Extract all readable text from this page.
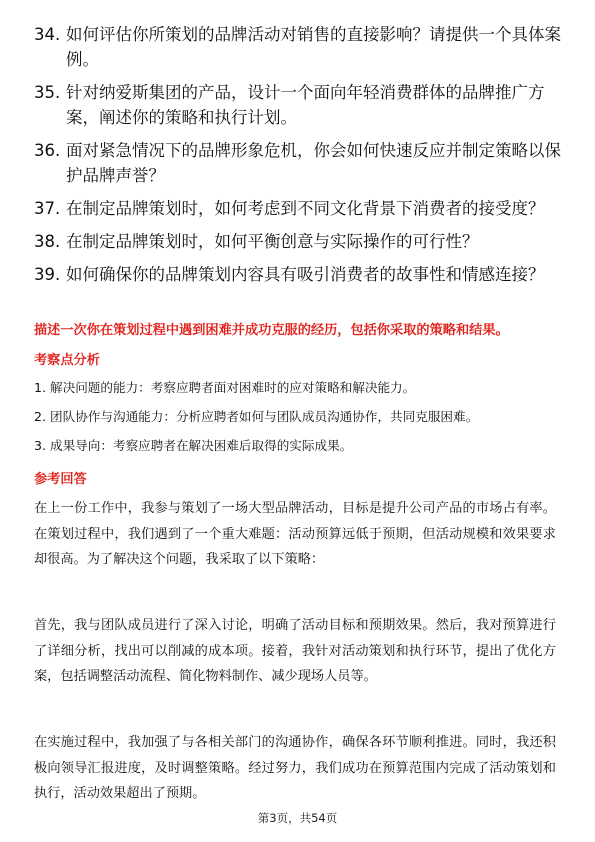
34. 如何评估你所策划的品牌活动对销售的直接影响？请提供一个具体案例。
35. 针对纳爱斯集团的产品，设计一个面向年轻消费群体的品牌推广方案，阐述你的策略和执行计划。
36. 面对紧急情况下的品牌形象危机，你会如何快速反应并制定策略以保护品牌声誉？
37. 在制定品牌策划时，如何考虑到不同文化背景下消费者的接受度？
38. 在制定品牌策划时，如何平衡创意与实际操作的可行性？
39. 如何确保你的品牌策划内容具有吸引消费者的故事性和情感连接？

描述一次你在策划过程中遇到困难并成功克服的经历，包括你采取的策略和结果。

考察点分析
1. 解决问题的能力：考察应聘者面对困难时的应对策略和解决能力。
2. 团队协作与沟通能力：分析应聘者如何与团队成员沟通协作，共同克服困难。
3. 成果导向：考察应聘者在解决困难后取得的实际成果。
参考回答

在上一份工作中，我参与策划了一场大型品牌活动，目标是提升公司产品的市场占有率。在策划过程中，我们遇到了一个重大难题：活动预算远低于预期，但活动规模和效果要求却很高。为了解决这个问题，我采取了以下策略：

首先，我与团队成员进行了深入讨论，明确了活动目标和预期效果。然后，我对预算进行了详细分析，找出可以削减的成本项。接着，我针对活动策划和执行环节，提出了优化方案，包括调整活动流程、简化物料制作、减少现场人员等。

在实施过程中，我加强了与各相关部门的沟通协作，确保各环节顺利推进。同时，我还积极向领导汇报进度，及时调整策略。经过努力，我们成功在预算范围内完成了活动策划和执行，活动效果超出了预期。

第3页，共54页
